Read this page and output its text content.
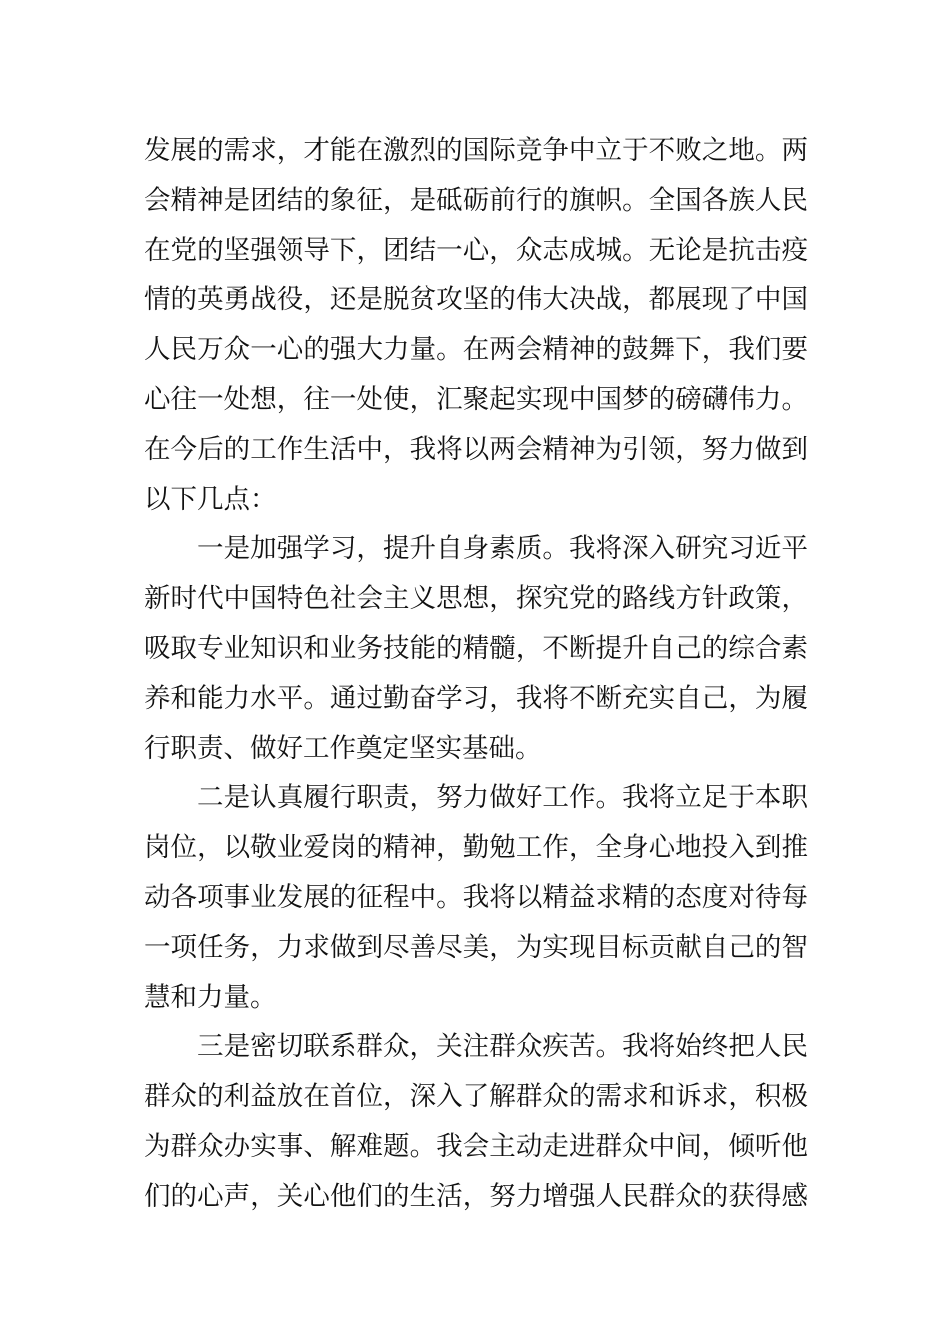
发展的需求，才能在激烈的国际竞争中立于不败之地。两
会精神是团结的象征，是砥砺前行的旗帜。全国各族人民
在党的坚强领导下，团结一心，众志成城。无论是抗击疫
情的英勇战役，还是脱贫攻坚的伟大决战，都展现了中国
人民万众一心的强大力量。在两会精神的鼓舞下，我们要
心往一处想，往一处使，汇聚起实现中国梦的磅礴伟力。
在今后的工作生活中，我将以两会精神为引领，努力做到
以下几点：
一是加强学习，提升自身素质。我将深入研究习近平
新时代中国特色社会主义思想，探究党的路线方针政策，
吸取专业知识和业务技能的精髓，不断提升自己的综合素
养和能力水平。通过勤奋学习，我将不断充实自己，为履
行职责、做好工作奠定坚实基础。
二是认真履行职责，努力做好工作。我将立足于本职
岗位，以敬业爱岗的精神，勤勉工作，全身心地投入到推
动各项事业发展的征程中。我将以精益求精的态度对待每
一项任务，力求做到尽善尽美，为实现目标贡献自己的智
慧和力量。
三是密切联系群众，关注群众疾苦。我将始终把人民
群众的利益放在首位，深入了解群众的需求和诉求，积极
为群众办实事、解难题。我会主动走进群众中间，倾听他
们的心声，关心他们的生活，努力增强人民群众的获得感
